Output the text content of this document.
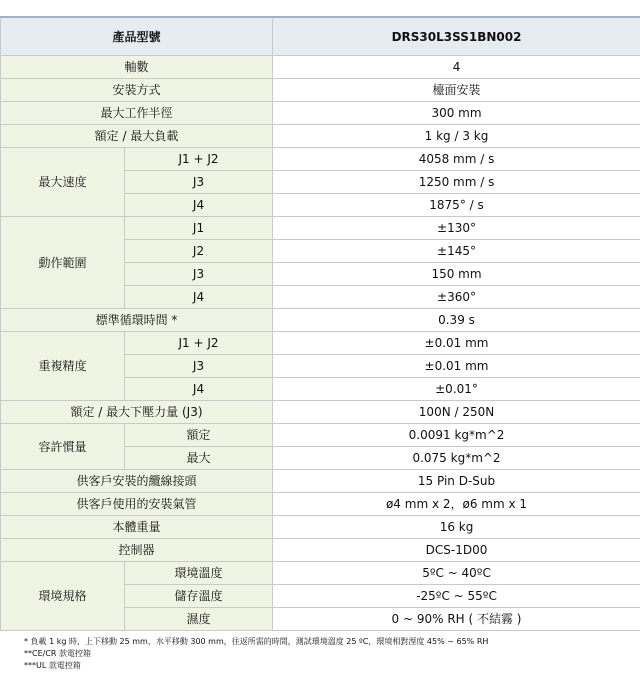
產品型號		DRS30L3SS1BN002
軸數		4
安裝方式		檯面安裝
最大工作半徑		300 mm
額定 / 最大負載		1 kg / 3 kg
最大速度	J1 + J2	4058 mm / s
	J3	1250 mm / s
	J4	1875° / s
動作範圍	J1	±130°
	J2	±145°
	J3	150 mm
	J4	±360°
標準循環時間 *		0.39 s
重複精度	J1 + J2	±0.01 mm
	J3	±0.01 mm
	J4	±0.01°
額定 / 最大下壓力量 (J3)		100N / 250N
容許慣量	額定	0.0091 kg*m^2
	最大	0.075 kg*m^2
供客戶安裝的纜線接頭		15 Pin D-Sub
供客戶使用的安裝氣管		ø4 mm x 2，ø6 mm x 1
本體重量		16 kg
控制器		DCS-1D00
環境規格	環境溫度	5ºC ~ 40ºC
	儲存溫度	-25ºC ~ 55ºC
	濕度	0 ~ 90% RH ( 不結霧 )
* 負載 1 kg 時，上下移動 25 mm，水平移動 300 mm，往返所需的時間，測試環境溫度 25 ºC，環境相對溼度 45% ~ 65% RH
**CE/CR 款電控箱
***UL 款電控箱
